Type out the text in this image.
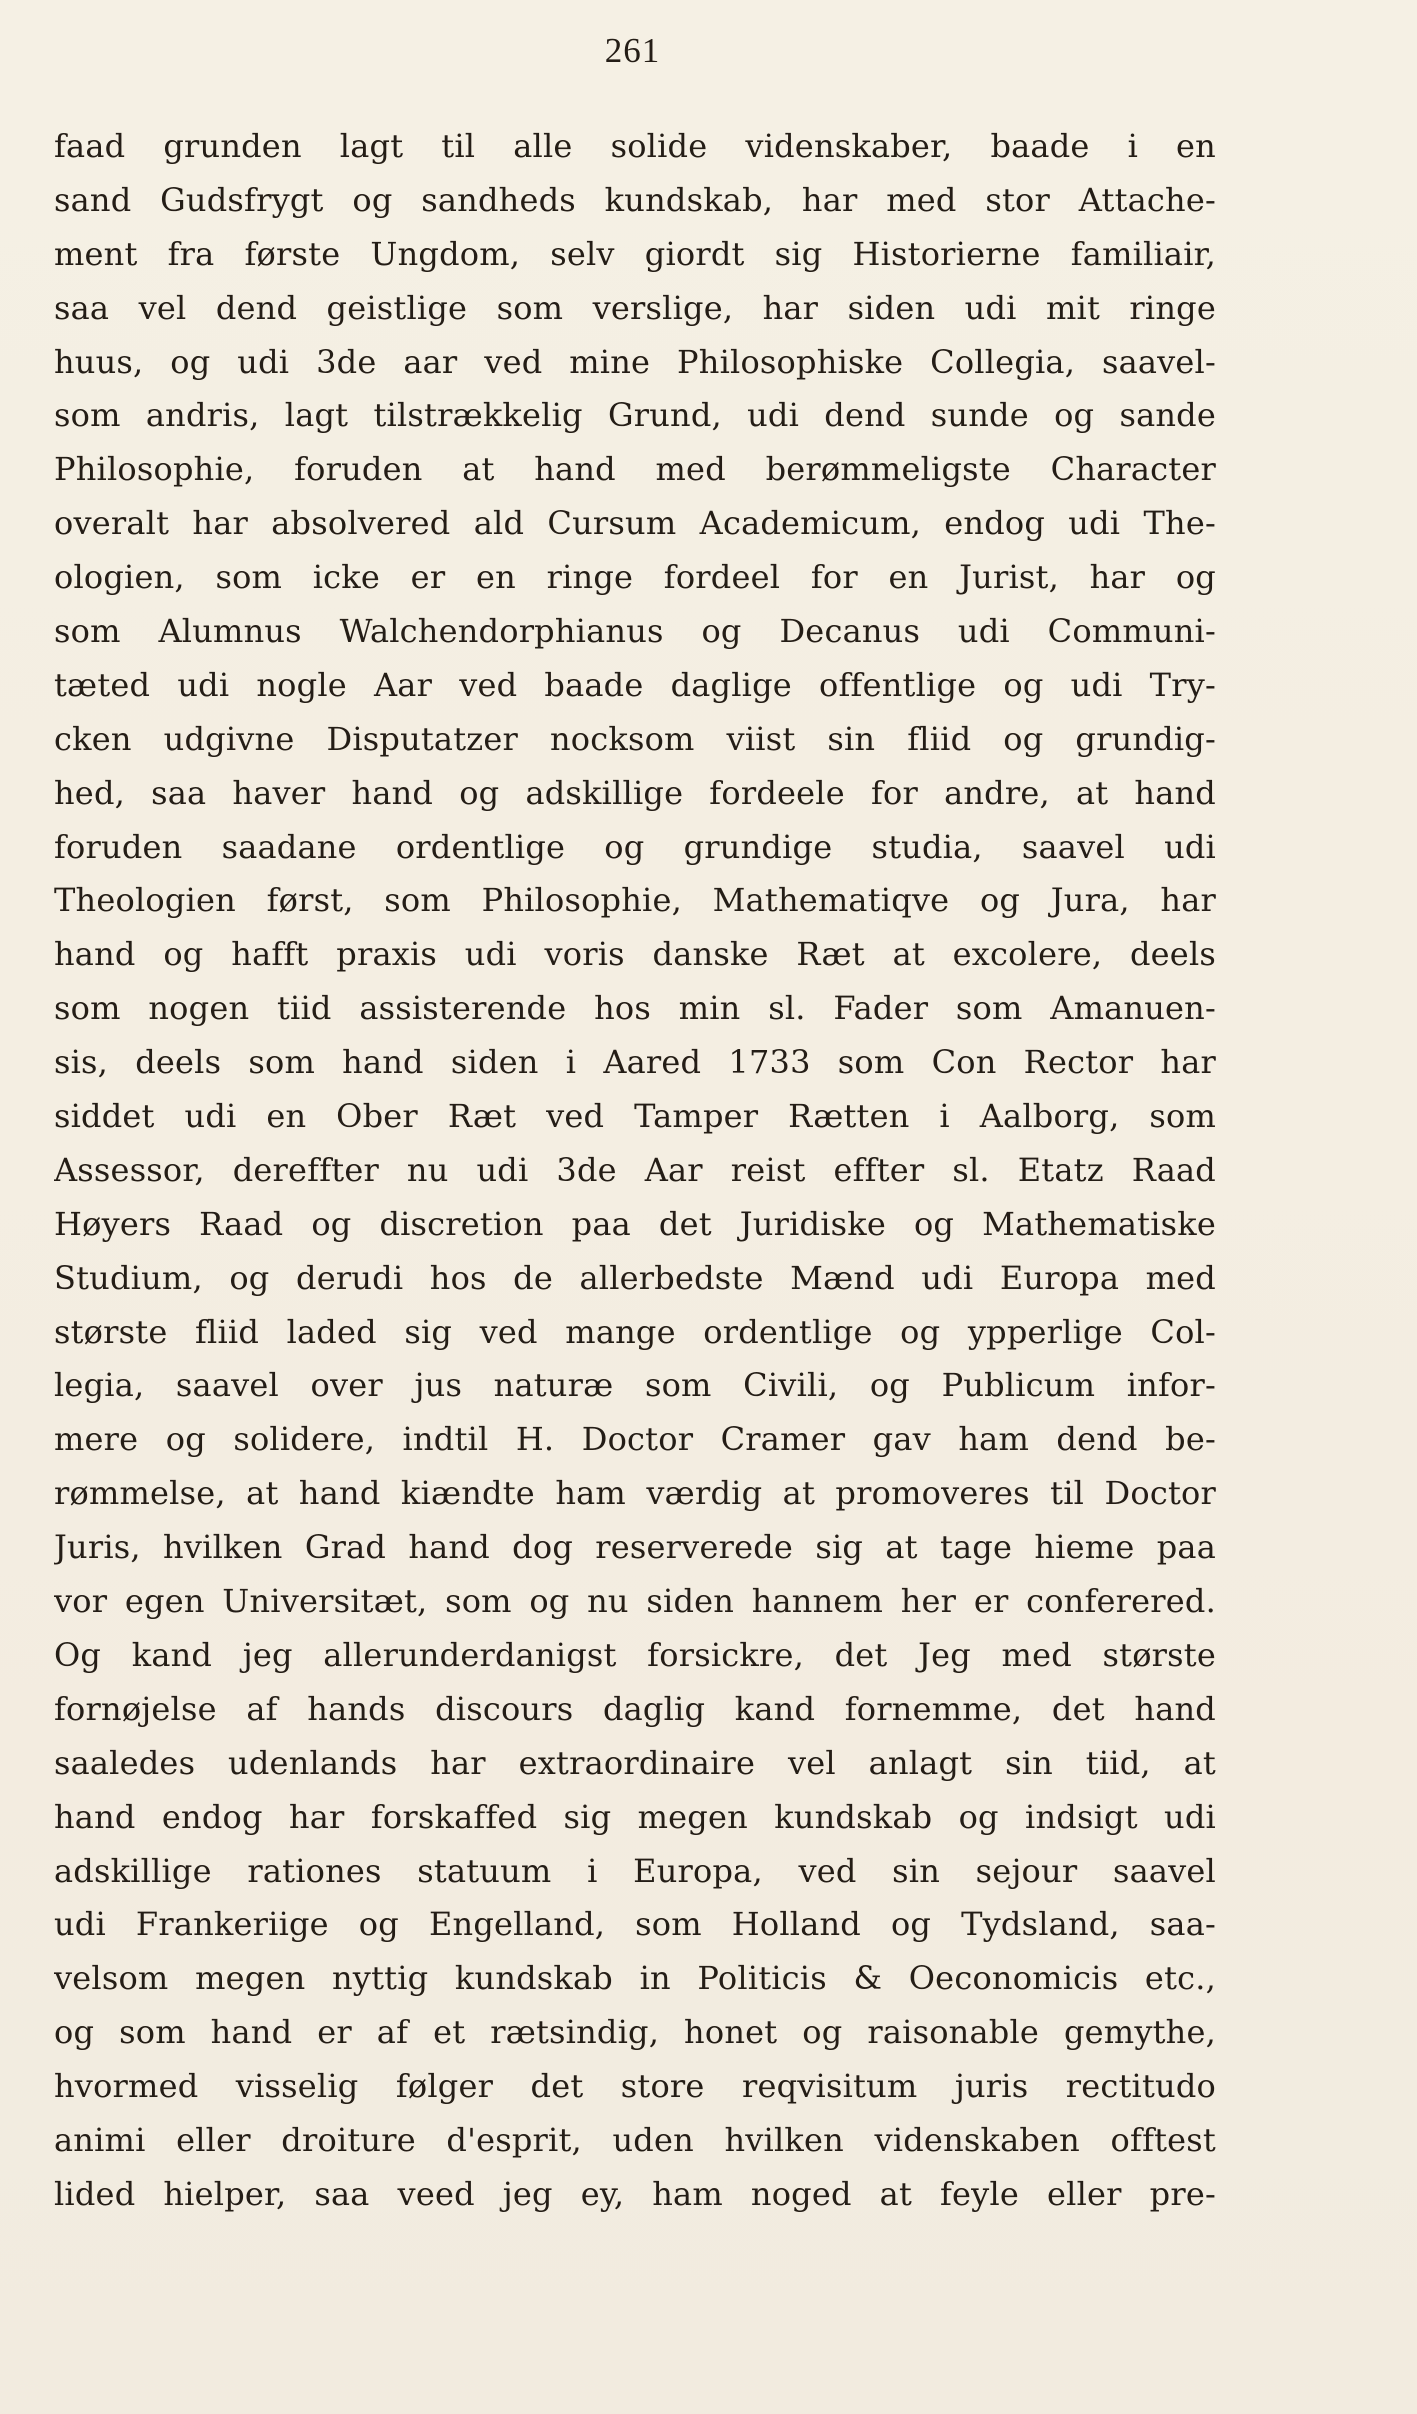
261
faad grunden lagt til alle solide videnskaber, baade i en
sand Gudsfrygt og sandheds kundskab, har med stor Attache-
ment fra første Ungdom, selv giordt sig Historierne familiair,
saa vel dend geistlige som verslige, har siden udi mit ringe
huus, og udi 3de aar ved mine Philosophiske Collegia, saavel-
som andris, lagt tilstrækkelig Grund, udi dend sunde og sande
Philosophie, foruden at hand med berømmeligste Character
overalt har absolvered ald Cursum Academicum, endog udi The-
ologien, som icke er en ringe fordeel for en Jurist, har og
som Alumnus Walchendorphianus og Decanus udi Communi-
tæted udi nogle Aar ved baade daglige offentlige og udi Try-
cken udgivne Disputatzer nocksom viist sin fliid og grundig-
hed, saa haver hand og adskillige fordeele for andre, at hand
foruden saadane ordentlige og grundige studia, saavel udi
Theologien først, som Philosophie, Mathematiqve og Jura, har
hand og hafft praxis udi voris danske Ræt at excolere, deels
som nogen tiid assisterende hos min sl. Fader som Amanuen-
sis, deels som hand siden i Aared 1733 som Con Rector har
siddet udi en Ober Ræt ved Tamper Rætten i Aalborg, som
Assessor, dereffter nu udi 3de Aar reist effter sl. Etatz Raad
Høyers Raad og discretion paa det Juridiske og Mathematiske
Studium, og derudi hos de allerbedste Mænd udi Europa med
største fliid laded sig ved mange ordentlige og ypperlige Col-
legia, saavel over jus naturæ som Civili, og Publicum infor-
mere og solidere, indtil H. Doctor Cramer gav ham dend be-
rømmelse, at hand kiændte ham værdig at promoveres til Doctor
Juris, hvilken Grad hand dog reserverede sig at tage hieme paa
vor egen Universitæt, som og nu siden hannem her er conferered.
Og kand jeg allerunderdanigst forsickre, det Jeg med største
fornøjelse af hands discours daglig kand fornemme, det hand
saaledes udenlands har extraordinaire vel anlagt sin tiid, at
hand endog har forskaffed sig megen kundskab og indsigt udi
adskillige rationes statuum i Europa, ved sin sejour saavel
udi Frankeriige og Engelland, som Holland og Tydsland, saa-
velsom megen nyttig kundskab in Politicis & Oeconomicis etc.,
og som hand er af et rætsindig, honet og raisonable gemythe,
hvormed visselig følger det store reqvisitum juris rectitudo
animi eller droiture d'esprit, uden hvilken videnskaben offtest
lided hielper, saa veed jeg ey, ham noged at feyle eller pre-
